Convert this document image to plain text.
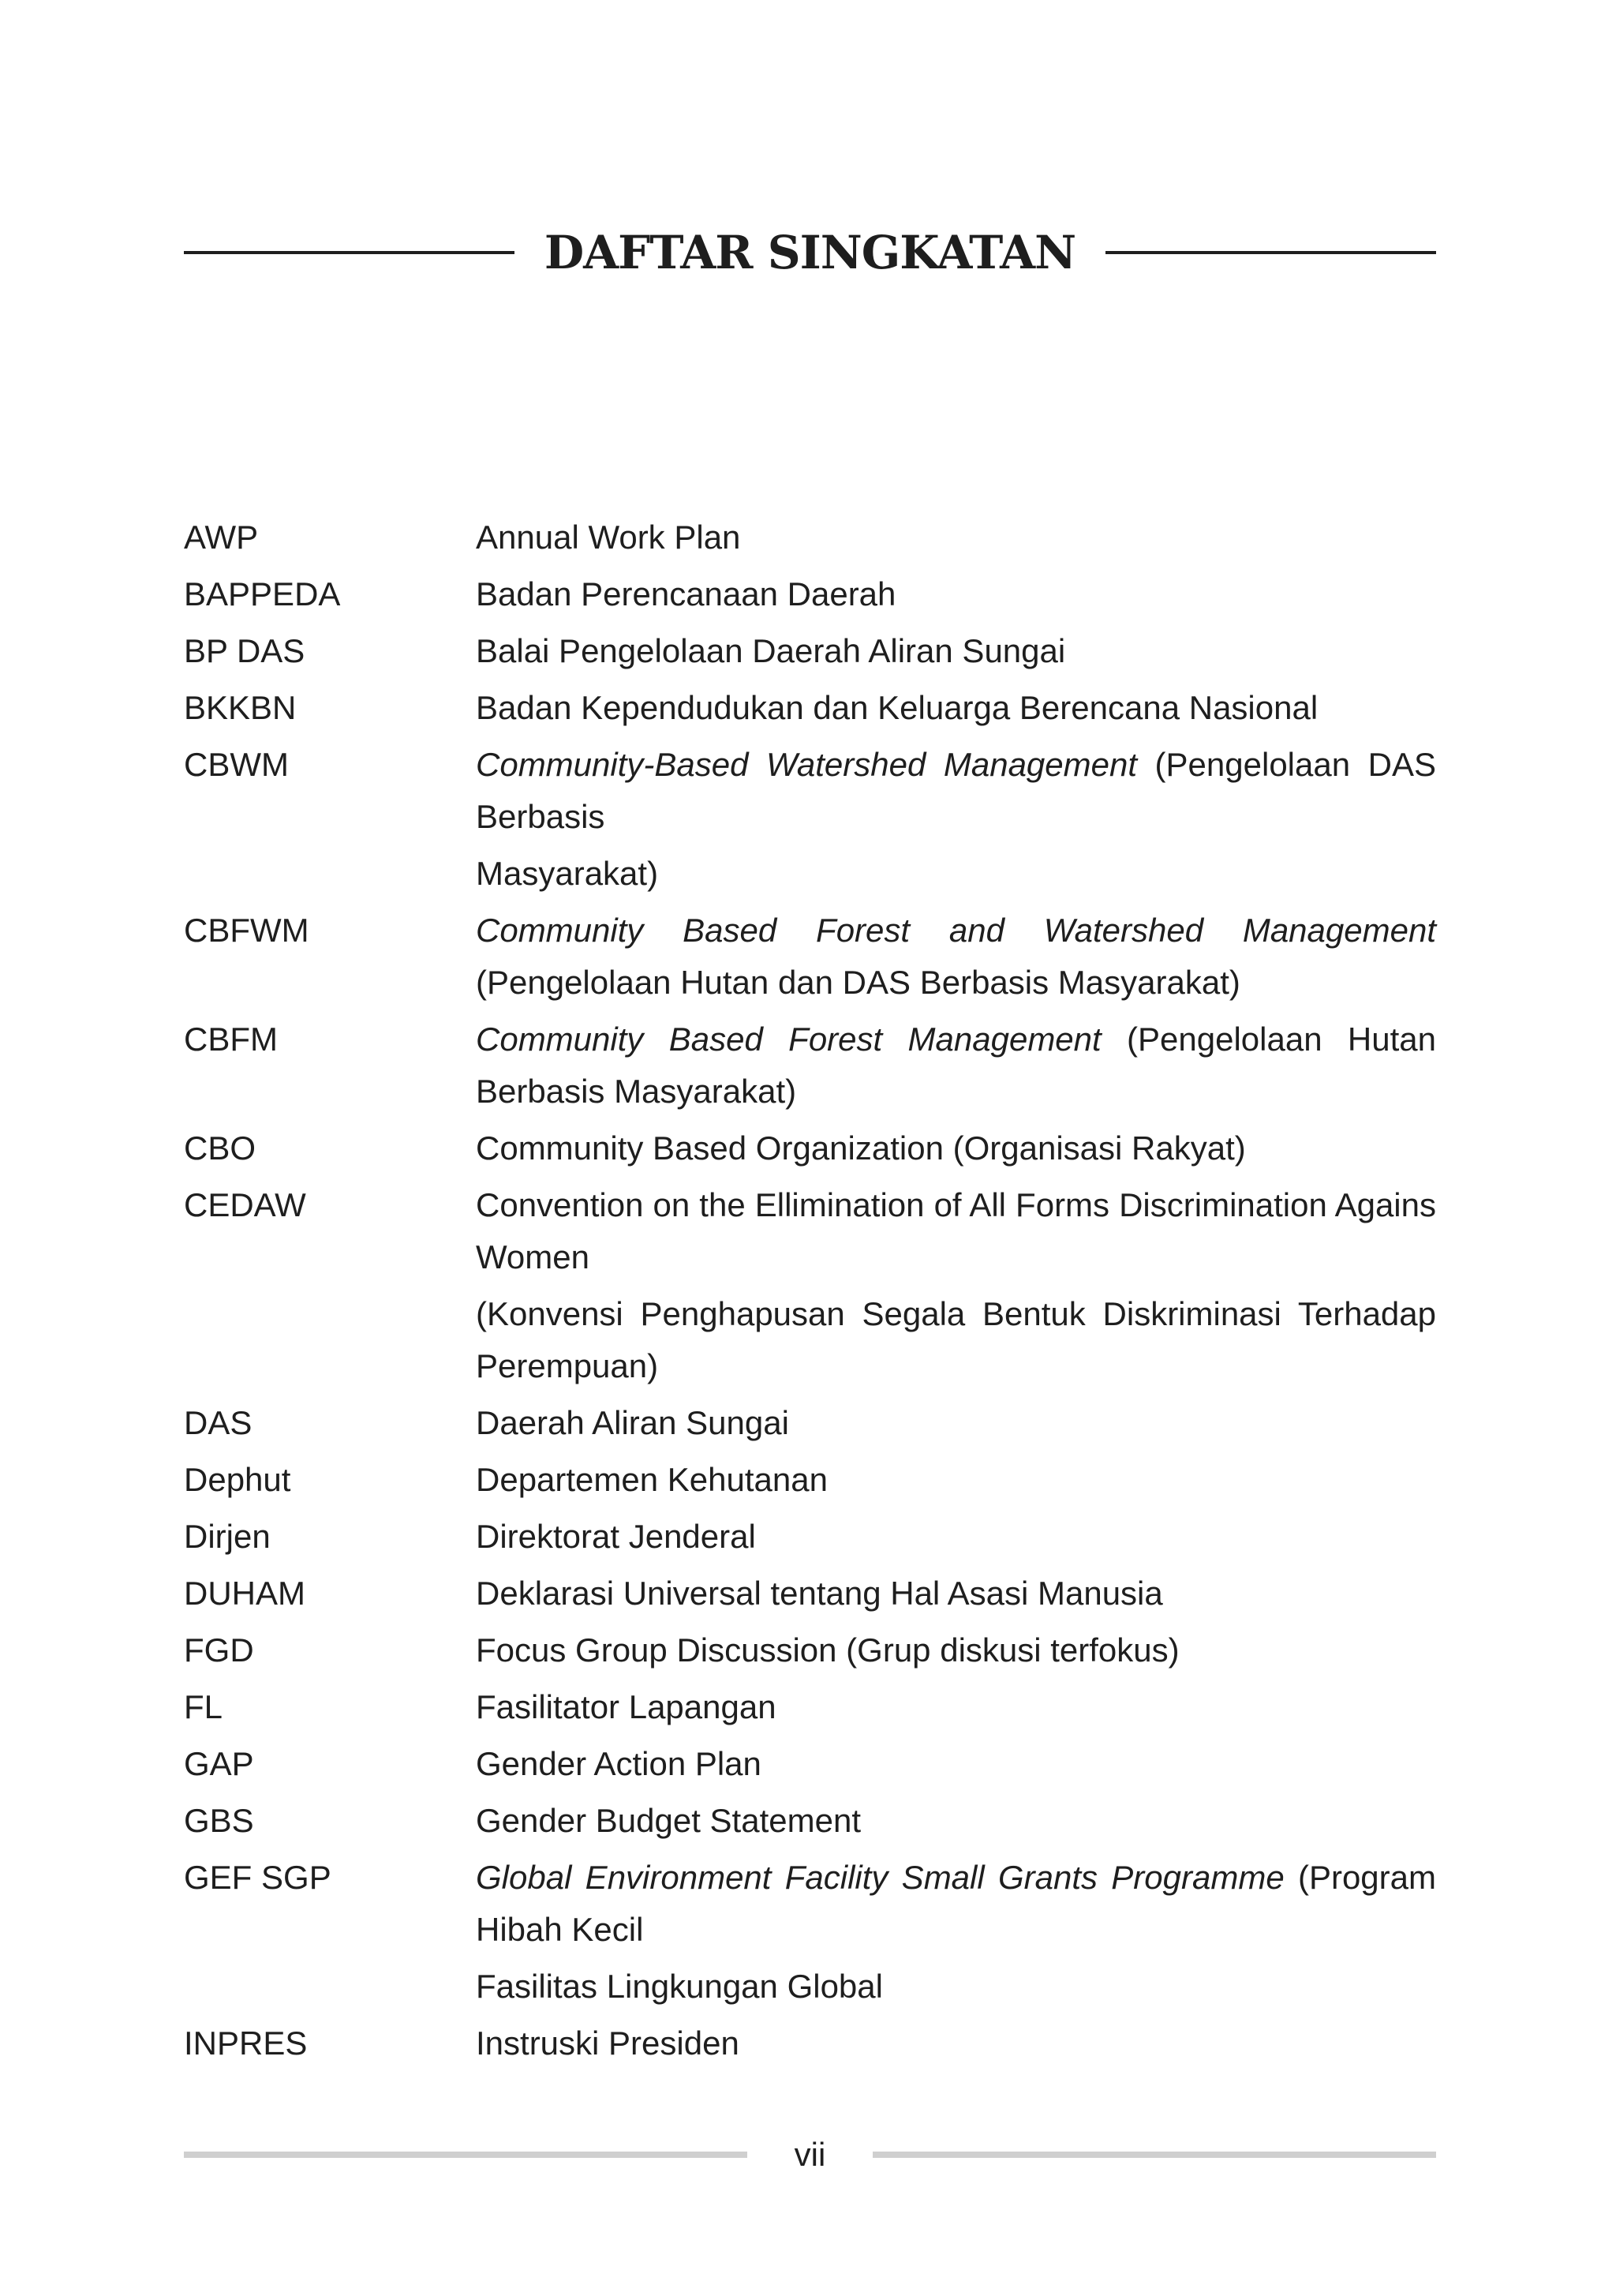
DAFTAR SINGKATAN
AWP	Annual Work Plan

BAPPEDA	Badan Perencanaan Daerah

BP DAS	Balai Pengelolaan Daerah Aliran Sungai

BKKBN	Badan Kependudukan dan Keluarga Berencana Nasional

CBWM	Community-Based Watershed Management (Pengelolaan DAS Berbasis

Masyarakat)

CBFWM	Community Based Forest and Watershed Management (Pengelolaan Hutan dan DAS Berbasis Masyarakat)

CBFM	Community Based Forest Management (Pengelolaan Hutan Berbasis Masyarakat)

CBO	Community Based Organization (Organisasi Rakyat)

CEDAW	Convention on the Ellimination of All Forms Discrimination Agains Women

(Konvensi Penghapusan Segala Bentuk Diskriminasi Terhadap Perempuan)

DAS	Daerah Aliran Sungai

Dephut	Departemen Kehutanan

Dirjen	Direktorat Jenderal

DUHAM	Deklarasi Universal tentang Hal Asasi Manusia

FGD	Focus Group Discussion (Grup diskusi terfokus)

FL	Fasilitator Lapangan

GAP	Gender Action Plan

GBS	Gender Budget Statement

GEF SGP	Global Environment Facility Small Grants Programme (Program Hibah Kecil

Fasilitas Lingkungan Global

INPRES	Instruski Presiden

vii
